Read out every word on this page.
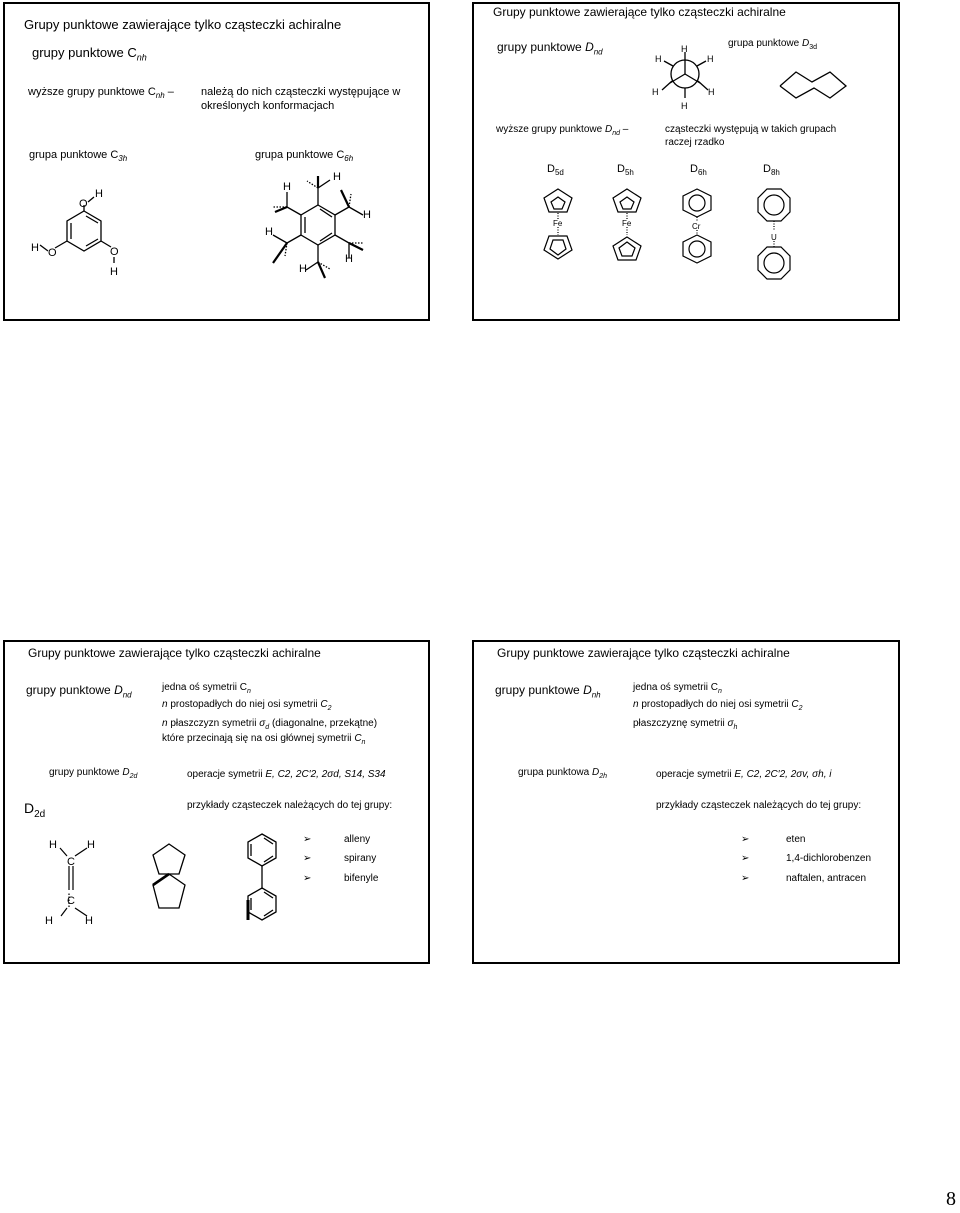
Grupy punktowe zawierające tylko cząsteczki achiralne
grupy punktowe $C_{nh}$
wyższe grupy punktowe $C_{nh}$ – należą do nich cząsteczki występujące w
określonych konformacjach
grupa punktowe $C_{3h}$	grupa punktowe $C_{6h}$
O
H
O
H	O
H
H
H
H
H
H
H
Grupy punktowe zawierające tylko cząsteczki achiralne
grupy punktowe $D_{nd}$
grupa punktowe $D_{3d}$
H
H	H
H	H
H
wyższe grupy punktowe $D_{nd}$ –	cząsteczki występują w takich grupach
raczej rzadko
$D_{5d}$	$D_{5h}$	$D_{6h}$	$D_{8h}$
Fe	Fe	Cr
U
Grupy punktowe zawierające tylko cząsteczki achiralne
grupy punktowe $D_{nd}$
jedna oś symetrii $C_n$
n prostopadłych do niej osi symetrii $C_2$
n płaszczyzn symetrii $\sigma_d$ (diagonalne, przekątne)
które przecinają się na osi głównej symetrii $C_n$
grupy punktowe $D_{2d}$	operacje symetrii E, C2, 2C′2, 2σd, S14, S34
$D_{2d}$
przykłady cząsteczek należących do tej grupy:
H	H
C
C
H	H
➢	alleny
➢	spirany
➢	bifenyle
Grupy punktowe zawierające tylko cząsteczki achiralne
grupy punktowe $D_{nh}$
jedna oś symetrii $C_n$
n prostopadłych do niej osi symetrii $C_2$
płaszczyznę symetrii $\sigma_h$
grupa punktowa $D_{2h}$	operacje symetrii E, C2, 2C′2, 2σv, σh, i
przykłady cząsteczek należących do tej grupy:
➢	eten
➢	1,4-dichlorobenzen
➢	naftalen, antracen
8
